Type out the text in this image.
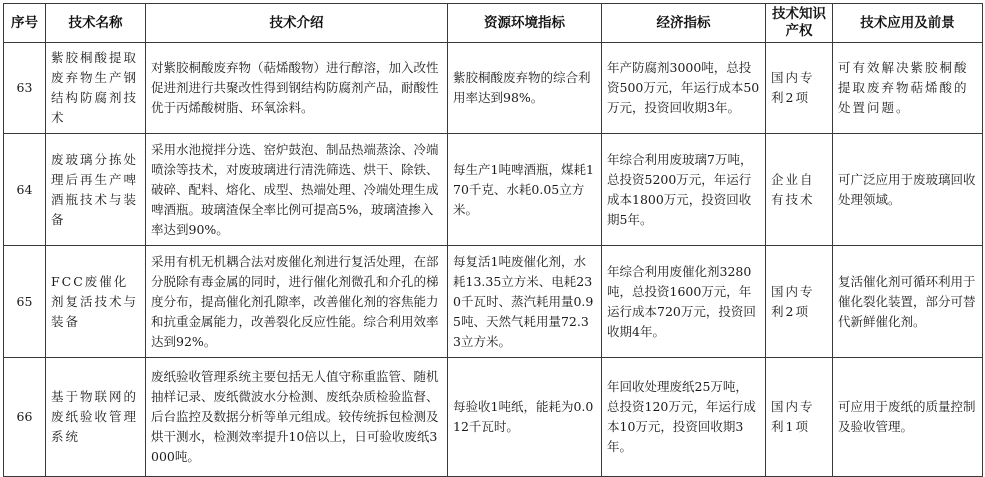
序号	技术名称	技术介绍	资源环境指标	经济指标	技术知识产权	技术应用及前景
63	紫胶桐酸提取废弃物生产钢结构防腐剂技术	对紫胶桐酸废弃物（萜烯酸物）进行醇溶，加入改性促进剂进行共聚改性得到钢结构防腐剂产品，耐酸性优于丙烯酸树脂、环氧涂料。	紫胶桐酸废弃物的综合利用率达到98%。	年产防腐剂3000吨，总投资500万元，年运行成本50万元，投资回收期3年。	国内专利2项	可有效解决紫胶桐酸提取废弃物萜烯酸的处置问题。
64	废玻璃分拣处理后再生产啤酒瓶技术与装备	采用水池搅拌分选、窑炉鼓泡、制品热端蒸涂、冷端喷涂等技术，对废玻璃进行清洗筛选、烘干、除铁、破碎、配料、熔化、成型、热端处理、冷端处理生成啤酒瓶。玻璃渣保全率比例可提高5%，玻璃渣掺入率达到90%。	每生产1吨啤酒瓶，煤耗170千克、水耗0.05立方米。	年综合利用废玻璃7万吨，总投资5200万元，年运行成本1800万元，投资回收期5年。	企业自有技术	可广泛应用于废玻璃回收处理领域。
65	FCC废催化剂复活技术与装备	采用有机无机耦合法对废催化剂进行复活处理，在部分脱除有毒金属的同时，进行催化剂微孔和介孔的梯度分布，提高催化剂孔隙率，改善催化剂的容焦能力和抗重金属能力，改善裂化反应性能。综合利用效率达到92%。	每复活1吨废催化剂，水耗13.35立方米、电耗230千瓦时、蒸汽耗用量0.95吨、天然气耗用量72.33立方米。	年综合利用废催化剂3280吨，总投资1600万元，年运行成本720万元，投资回收期4年。	国内专利2项	复活催化剂可循环利用于催化裂化装置，部分可替代新鲜催化剂。
66	基于物联网的废纸验收管理系统	废纸验收管理系统主要包括无人值守称重监管、随机抽样记录、废纸微波水分检测、废纸杂质检验监督、后台监控及数据分析等单元组成。较传统拆包检测及烘干测水，检测效率提升10倍以上，日可验收废纸3000吨。	每验收1吨纸，能耗为0.012千瓦时。	年回收处理废纸25万吨，总投资120万元，年运行成本10万元，投资回收期3年。	国内专利1项	可应用于废纸的质量控制及验收管理。
